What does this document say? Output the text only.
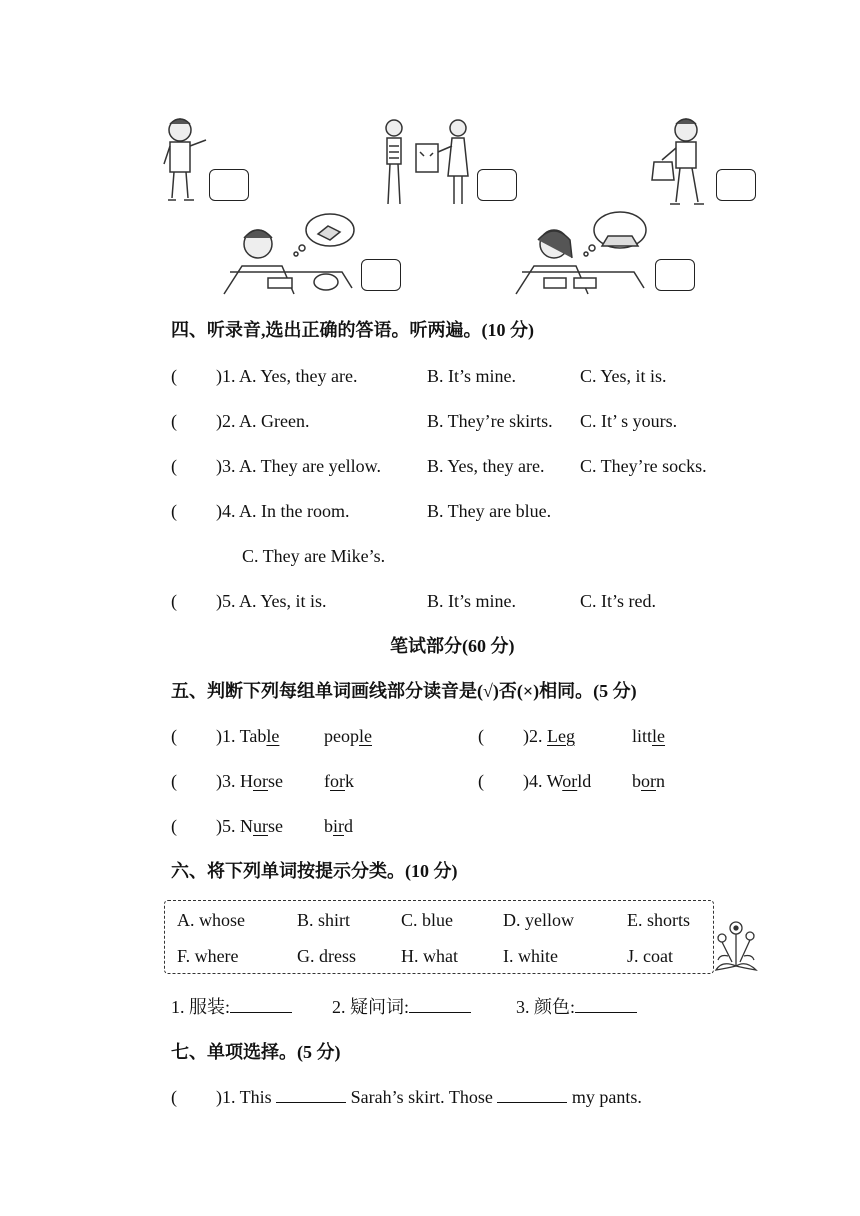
四、听录音,选出正确的答语。听两遍。(10 分)
( )1. A. Yes, they are.	B. It’s mine.	C. Yes, it is.
( )2. A. Green.	B. They’re skirts. C. It’ s yours.
( )3. A. They are yellow.	B. Yes, they are. C. They’re socks.
( )4. A. In the room.	B. They are blue.
C. They are Mike’s.
( )5. A. Yes, it is.	B. It’s mine.	C. It’s red.
笔试部分(60 分)
五、判断下列每组单词画线部分读音是(√)否(×)相同。(5 分)
( )1. Table people	( )2. Leg	little
( )3. Horse fork	( )4. World born
( )5. Nurse bird
六、将下列单词按提示分类。(10 分)
A. whose	B. shirt	C. blue	D. yellow	E. shorts
F. where	G. dress	H. what	I. white	J. coat
1. 服装:	2. 疑问词:	3. 颜色:
七、单项选择。(5 分)
( )1. This	Sarah’s skirt. Those	my pants.
